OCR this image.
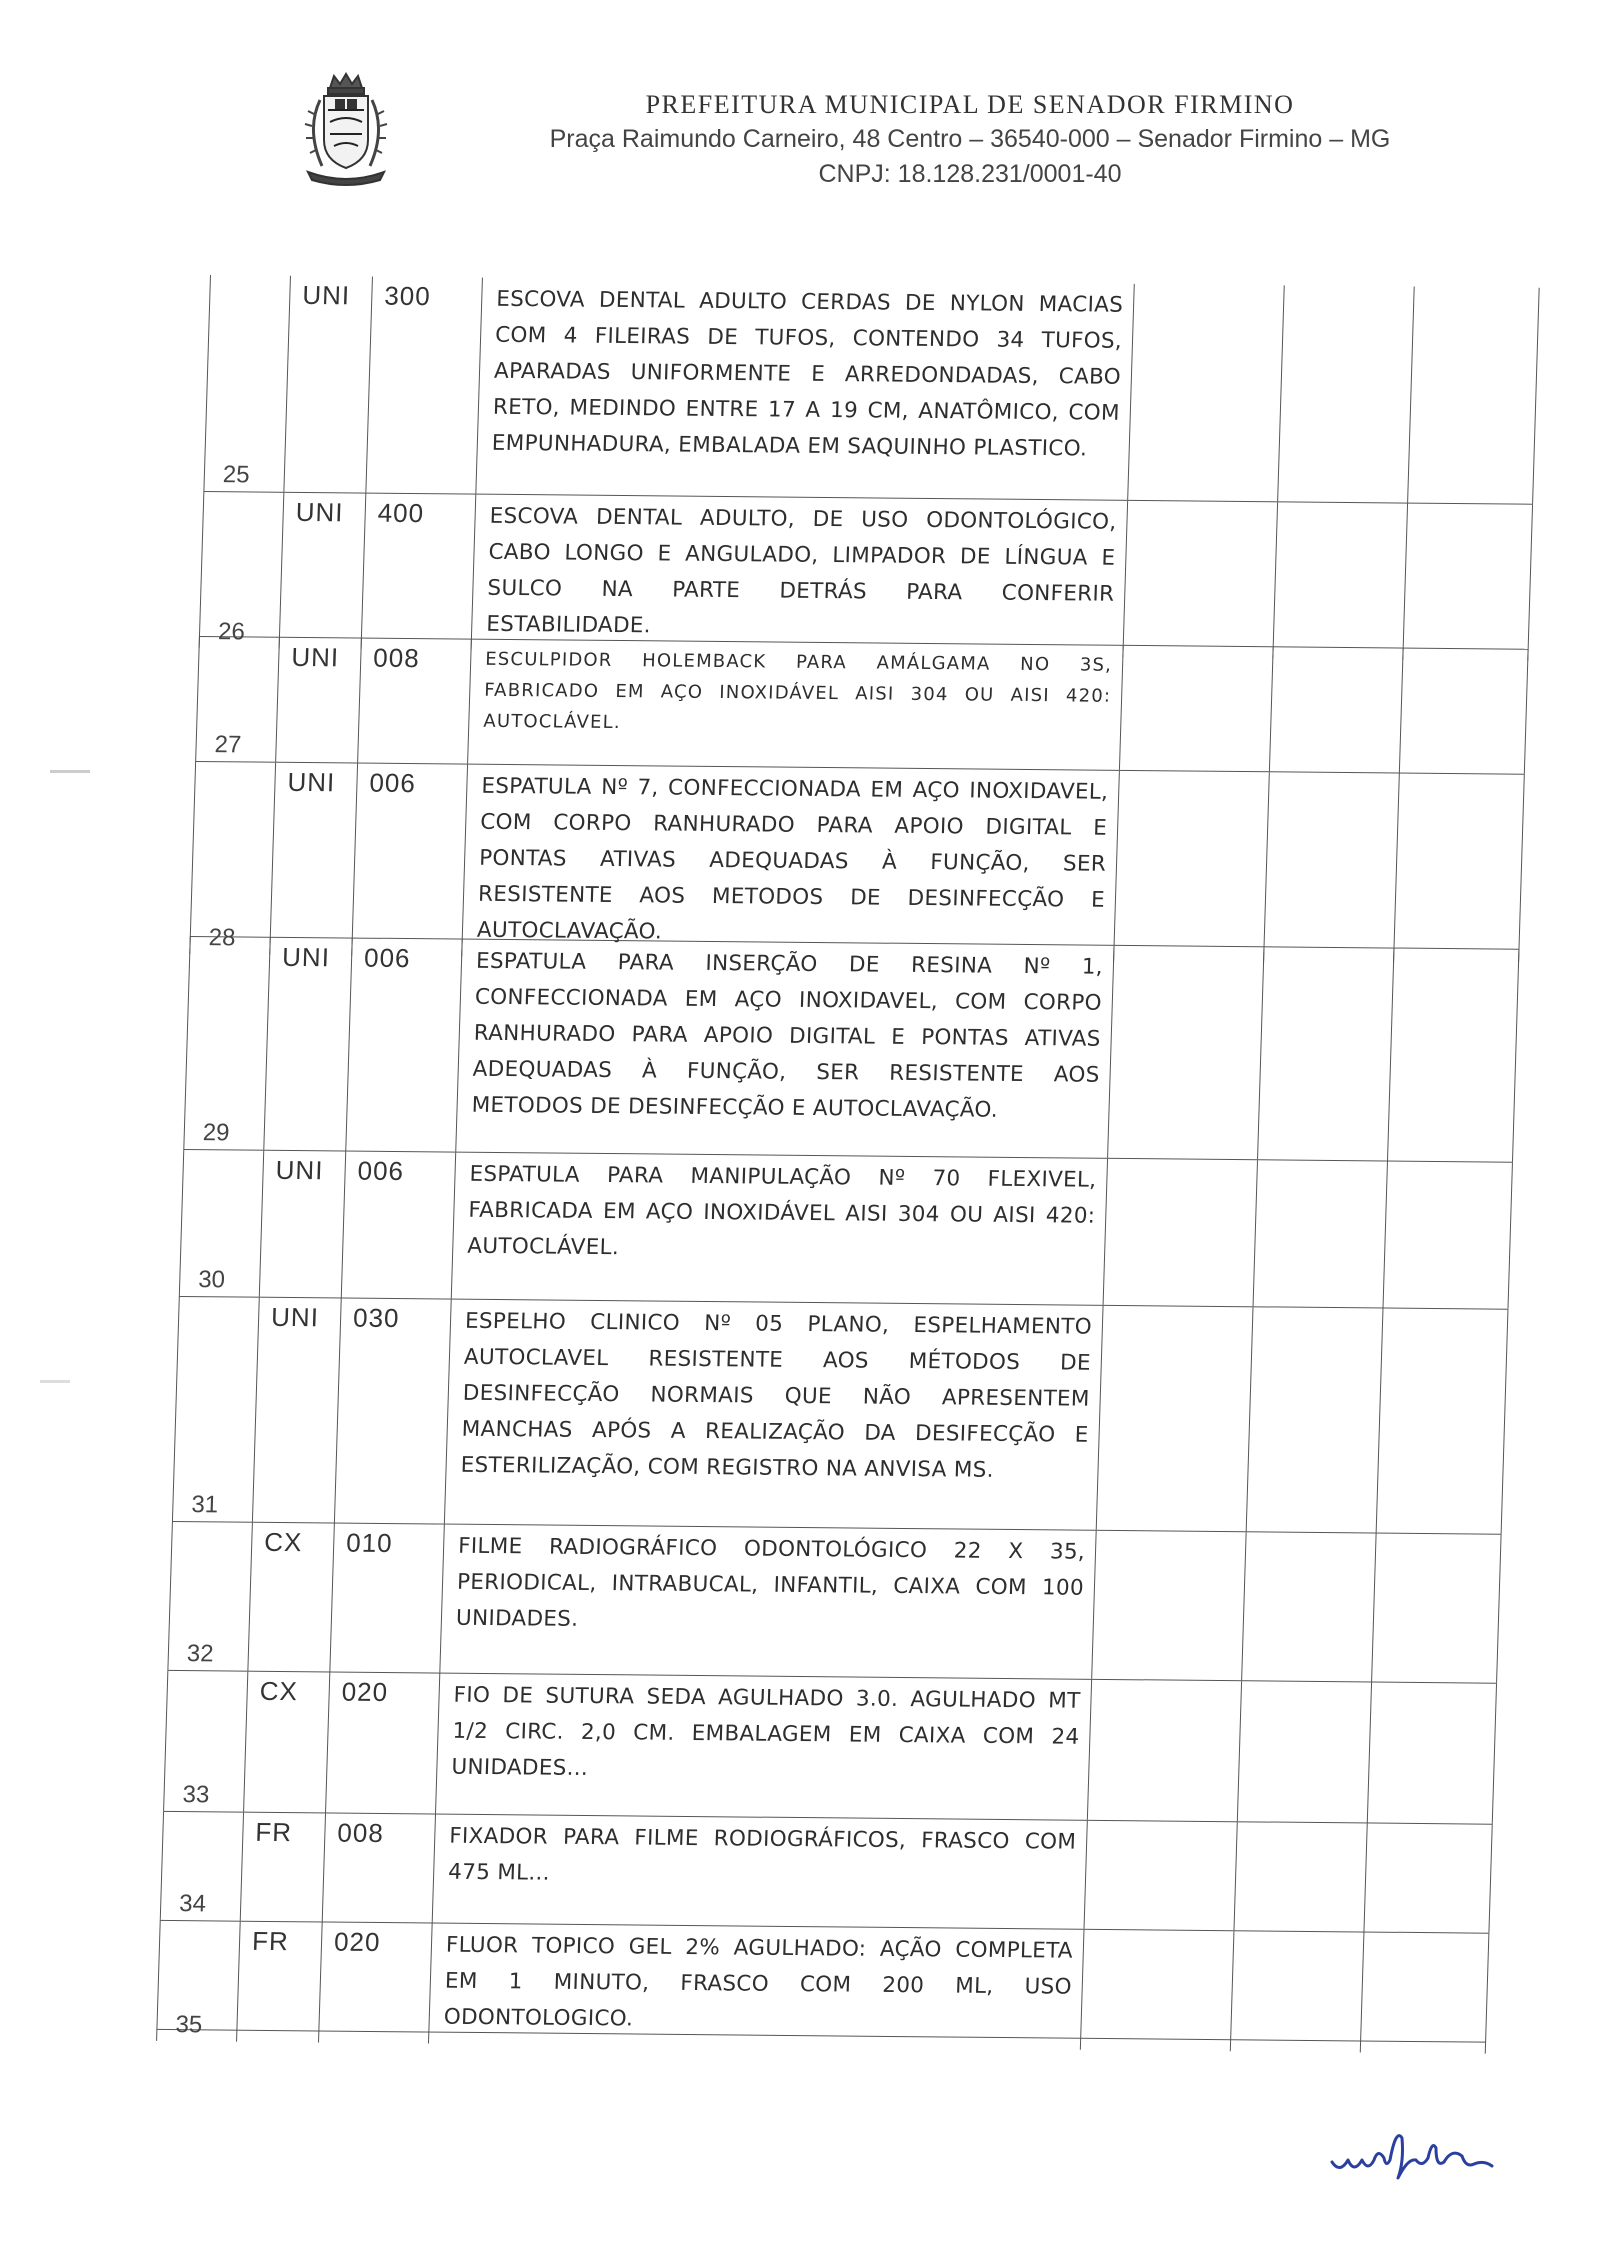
PREFEITURA MUNICIPAL DE SENADOR FIRMINO
Praça Raimundo Carneiro, 48 Centro – 36540-000 – Senador Firmino – MG
CNPJ: 18.128.231/0001-40
25
UNI	300	ESCOVA DENTAL ADULTO CERDAS DE NYLON MACIAS COM 4 FILEIRAS DE TUFOS, CONTENDO 34 TUFOS, APARADAS UNIFORMENTE E ARREDONDADAS, CABO RETO, MEDINDO ENTRE 17 A 19 CM, ANATÔMICO, COM EMPUNHADURA, EMBALADA EM SAQUINHO PLASTICO.
26
UNI	400	ESCOVA DENTAL ADULTO, DE USO ODONTOLÓGICO, CABO LONGO E ANGULADO, LIMPADOR DE LÍNGUA E SULCO NA PARTE DETRÁS PARA CONFERIR ESTABILIDADE.
27
UNI	008	ESCULPIDOR HOLEMBACK PARA AMÁLGAMA NO 3S, FABRICADO EM AÇO INOXIDÁVEL AISI 304 OU AISI 420: AUTOCLÁVEL.
28
UNI	006	ESPATULA Nº 7, CONFECCIONADA EM AÇO INOXIDAVEL, COM CORPO RANHURADO PARA APOIO DIGITAL E PONTAS ATIVAS ADEQUADAS À FUNÇÃO, SER RESISTENTE AOS METODOS DE DESINFECÇÃO E AUTOCLAVAÇÃO.
29
UNI	006	ESPATULA PARA INSERÇÃO DE RESINA Nº 1, CONFECCIONADA EM AÇO INOXIDAVEL, COM CORPO RANHURADO PARA APOIO DIGITAL E PONTAS ATIVAS ADEQUADAS À FUNÇÃO, SER RESISTENTE AOS METODOS DE DESINFECÇÃO E AUTOCLAVAÇÃO.
30
UNI	006	ESPATULA PARA MANIPULAÇÃO Nº 70 FLEXIVEL, FABRICADA EM AÇO INOXIDÁVEL AISI 304 OU AISI 420: AUTOCLÁVEL.
31
UNI	030	ESPELHO CLINICO Nº 05 PLANO, ESPELHAMENTO AUTOCLAVEL RESISTENTE AOS MÉTODOS DE DESINFECÇÃO NORMAIS QUE NÃO APRESENTEM MANCHAS APÓS A REALIZAÇÃO DA DESIFECÇÃO E ESTERILIZAÇÃO, COM REGISTRO NA ANVISA MS.
32
CX	010	FILME RADIOGRÁFICO ODONTOLÓGICO 22 X 35, PERIODICAL, INTRABUCAL, INFANTIL, CAIXA COM 100 UNIDADES.
33
CX	020	FIO DE SUTURA SEDA AGULHADO 3.0. AGULHADO MT 1/2 CIRC. 2,0 CM. EMBALAGEM EM CAIXA COM 24 UNIDADES...
34
FR	008	FIXADOR PARA FILME RODIOGRÁFICOS, FRASCO COM 475 ML...
35
FR	020	FLUOR TOPICO GEL 2% AGULHADO: AÇÃO COMPLETA EM 1 MINUTO, FRASCO COM 200 ML, USO ODONTOLOGICO.
